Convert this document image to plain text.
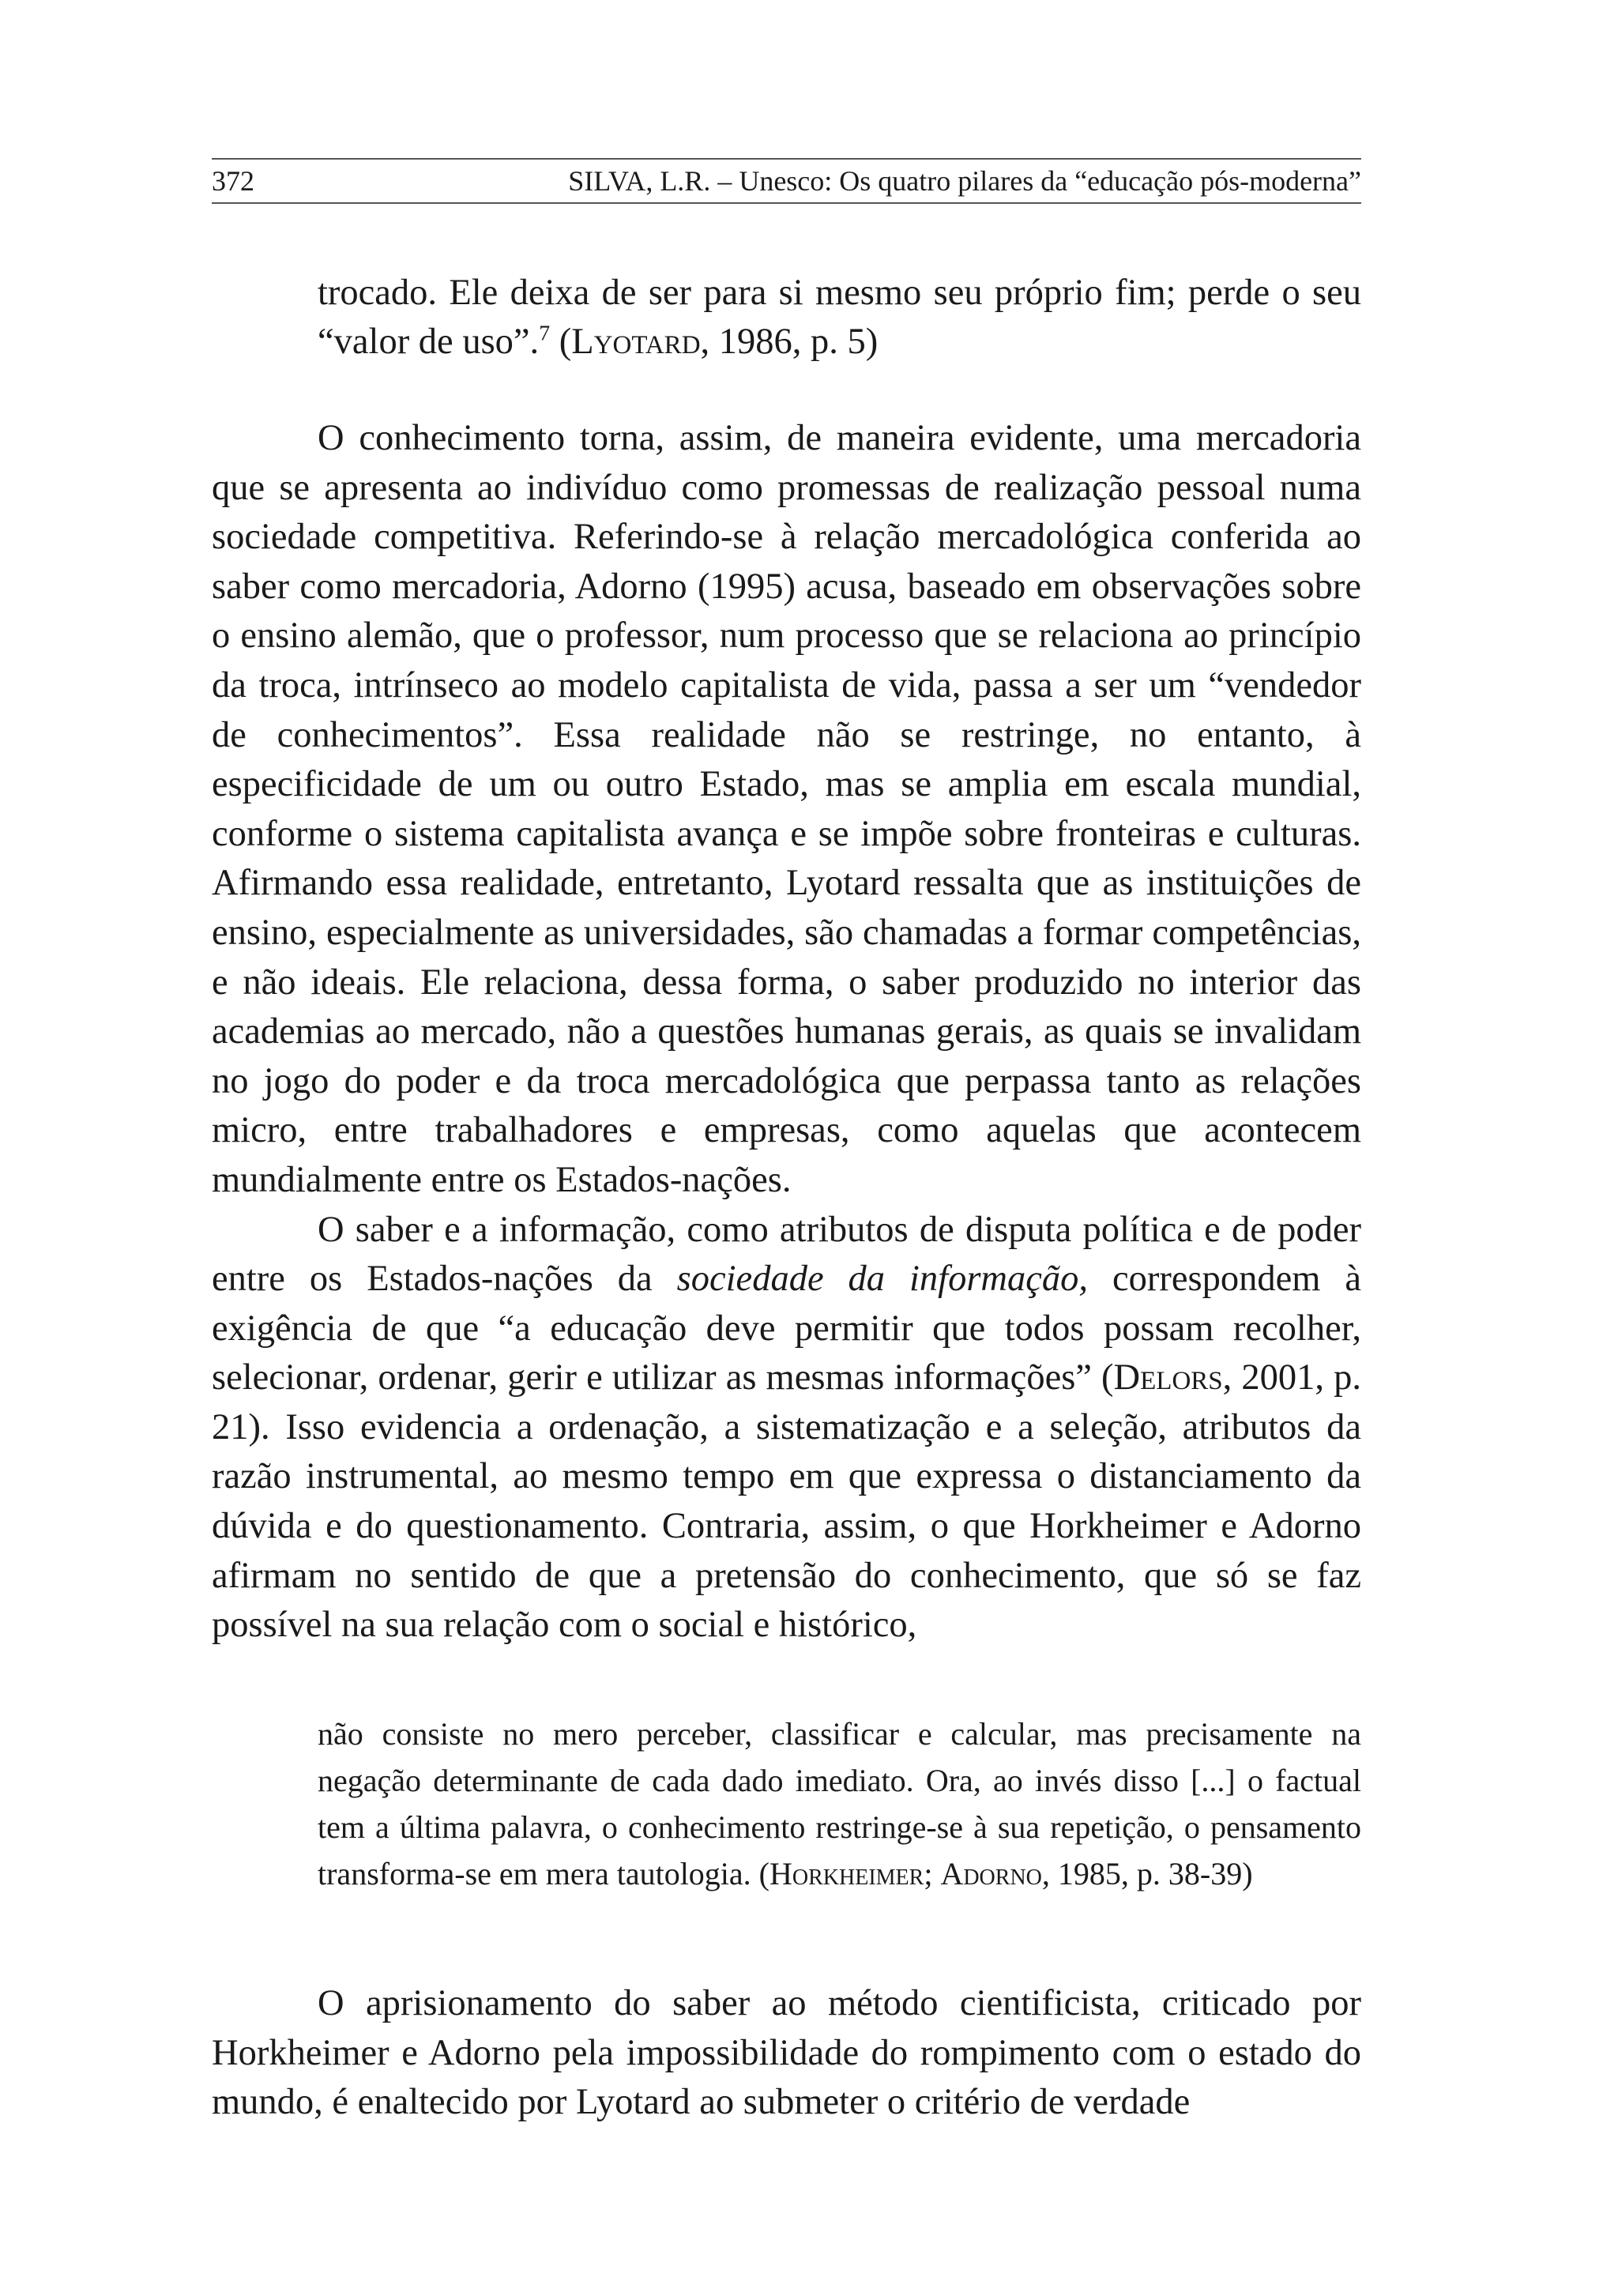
372	SILVA, L.R. – Unesco: Os quatro pilares da “educação pós-moderna”

trocado. Ele deixa de ser para si mesmo seu próprio fim; perde o seu “valor de uso”.$^7$ (Lyotard, 1986, p. 5)

O conhecimento torna, assim, de maneira evidente, uma mercadoria que se apresenta ao indivíduo como promessas de realização pessoal numa sociedade competitiva. Referindo-se à relação mercadológica conferida ao saber como mercadoria, Adorno (1995) acusa, baseado em observações sobre o ensino alemão, que o professor, num processo que se relaciona ao princípio da troca, intrínseco ao modelo capitalista de vida, passa a ser um “vendedor de conhecimentos”. Essa realidade não se restringe, no entanto, à especificidade de um ou outro Estado, mas se amplia em escala mundial, conforme o sistema capitalista avança e se impõe sobre fronteiras e culturas. Afirmando essa realidade, entretanto, Lyotard ressalta que as instituições de ensino, especialmente as universidades, são chamadas a formar competências, e não ideais. Ele relaciona, dessa forma, o saber produzido no interior das academias ao mercado, não a questões humanas gerais, as quais se invalidam no jogo do poder e da troca mercadológica que perpassa tanto as relações micro, entre trabalhadores e empresas, como aquelas que acontecem mundialmente entre os Estados-nações.

O saber e a informação, como atributos de disputa política e de poder entre os Estados-nações da sociedade da informação, correspondem à exigência de que “a educação deve permitir que todos possam recolher, selecionar, ordenar, gerir e utilizar as mesmas informações” (Delors, 2001, p. 21). Isso evidencia a ordenação, a sistematização e a seleção, atributos da razão instrumental, ao mesmo tempo em que expressa o distanciamento da dúvida e do questionamento. Contraria, assim, o que Horkheimer e Adorno afirmam no sentido de que a pretensão do conhecimento, que só se faz possível na sua relação com o social e histórico,

não consiste no mero perceber, classificar e calcular, mas precisamente na negação determinante de cada dado imediato. Ora, ao invés disso [...] o factual tem a última palavra, o conhecimento restringe-se à sua repetição, o pensamento transforma-se em mera tautologia. (Horkheimer; Adorno, 1985, p. 38-39)

O aprisionamento do saber ao método cientificista, criticado por Horkheimer e Adorno pela impossibilidade do rompimento com o estado do mundo, é enaltecido por Lyotard ao submeter o critério de verdade
